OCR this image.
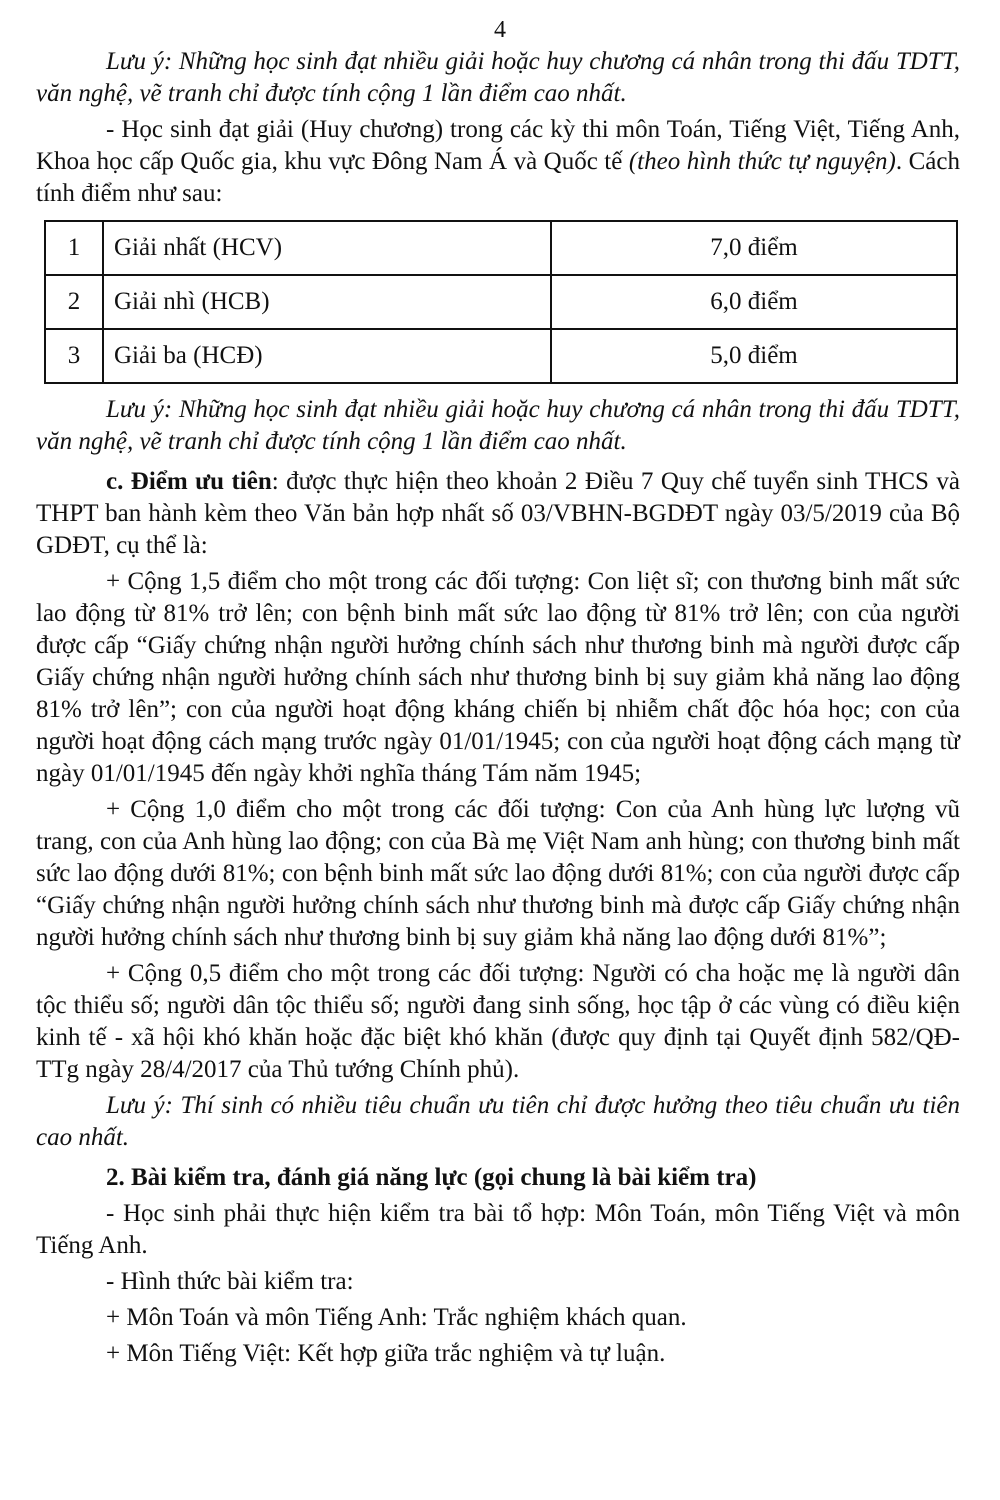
4

Lưu ý: Những học sinh đạt nhiều giải hoặc huy chương cá nhân trong thi đấu TDTT, văn nghệ, vẽ tranh chỉ được tính cộng 1 lần điểm cao nhất.

- Học sinh đạt giải (Huy chương) trong các kỳ thi môn Toán, Tiếng Việt, Tiếng Anh, Khoa học cấp Quốc gia, khu vực Đông Nam Á và Quốc tế (theo hình thức tự nguyện). Cách tính điểm như sau:

1	Giải nhất (HCV)	7,0 điểm
2	Giải nhì (HCB)	6,0 điểm
3	Giải ba (HCĐ)	5,0 điểm

Lưu ý: Những học sinh đạt nhiều giải hoặc huy chương cá nhân trong thi đấu TDTT, văn nghệ, vẽ tranh chỉ được tính cộng 1 lần điểm cao nhất.

c. Điểm ưu tiên: được thực hiện theo khoản 2 Điều 7 Quy chế tuyển sinh THCS và THPT ban hành kèm theo Văn bản hợp nhất số 03/VBHN-BGDĐT ngày 03/5/2019 của Bộ GDĐT, cụ thể là:

+ Cộng 1,5 điểm cho một trong các đối tượng: Con liệt sĩ; con thương binh mất sức lao động từ 81% trở lên; con bệnh binh mất sức lao động từ 81% trở lên; con của người được cấp “Giấy chứng nhận người hưởng chính sách như thương binh mà người được cấp Giấy chứng nhận người hưởng chính sách như thương binh bị suy giảm khả năng lao động 81% trở lên”; con của người hoạt động kháng chiến bị nhiễm chất độc hóa học; con của người hoạt động cách mạng trước ngày 01/01/1945; con của người hoạt động cách mạng từ ngày 01/01/1945 đến ngày khởi nghĩa tháng Tám năm 1945;

+ Cộng 1,0 điểm cho một trong các đối tượng: Con của Anh hùng lực lượng vũ trang, con của Anh hùng lao động; con của Bà mẹ Việt Nam anh hùng; con thương binh mất sức lao động dưới 81%; con bệnh binh mất sức lao động dưới 81%; con của người được cấp “Giấy chứng nhận người hưởng chính sách như thương binh mà được cấp Giấy chứng nhận người hưởng chính sách như thương binh bị suy giảm khả năng lao động dưới 81%”;

+ Cộng 0,5 điểm cho một trong các đối tượng: Người có cha hoặc mẹ là người dân tộc thiểu số; người dân tộc thiểu số; người đang sinh sống, học tập ở các vùng có điều kiện kinh tế - xã hội khó khăn hoặc đặc biệt khó khăn (được quy định tại Quyết định 582/QĐ-TTg ngày 28/4/2017 của Thủ tướng Chính phủ).

Lưu ý: Thí sinh có nhiều tiêu chuẩn ưu tiên chỉ được hưởng theo tiêu chuẩn ưu tiên cao nhất.

2. Bài kiểm tra, đánh giá năng lực (gọi chung là bài kiểm tra)

- Học sinh phải thực hiện kiểm tra bài tổ hợp: Môn Toán, môn Tiếng Việt và môn Tiếng Anh.

- Hình thức bài kiểm tra:

+ Môn Toán và môn Tiếng Anh: Trắc nghiệm khách quan.

+ Môn Tiếng Việt: Kết hợp giữa trắc nghiệm và tự luận.
